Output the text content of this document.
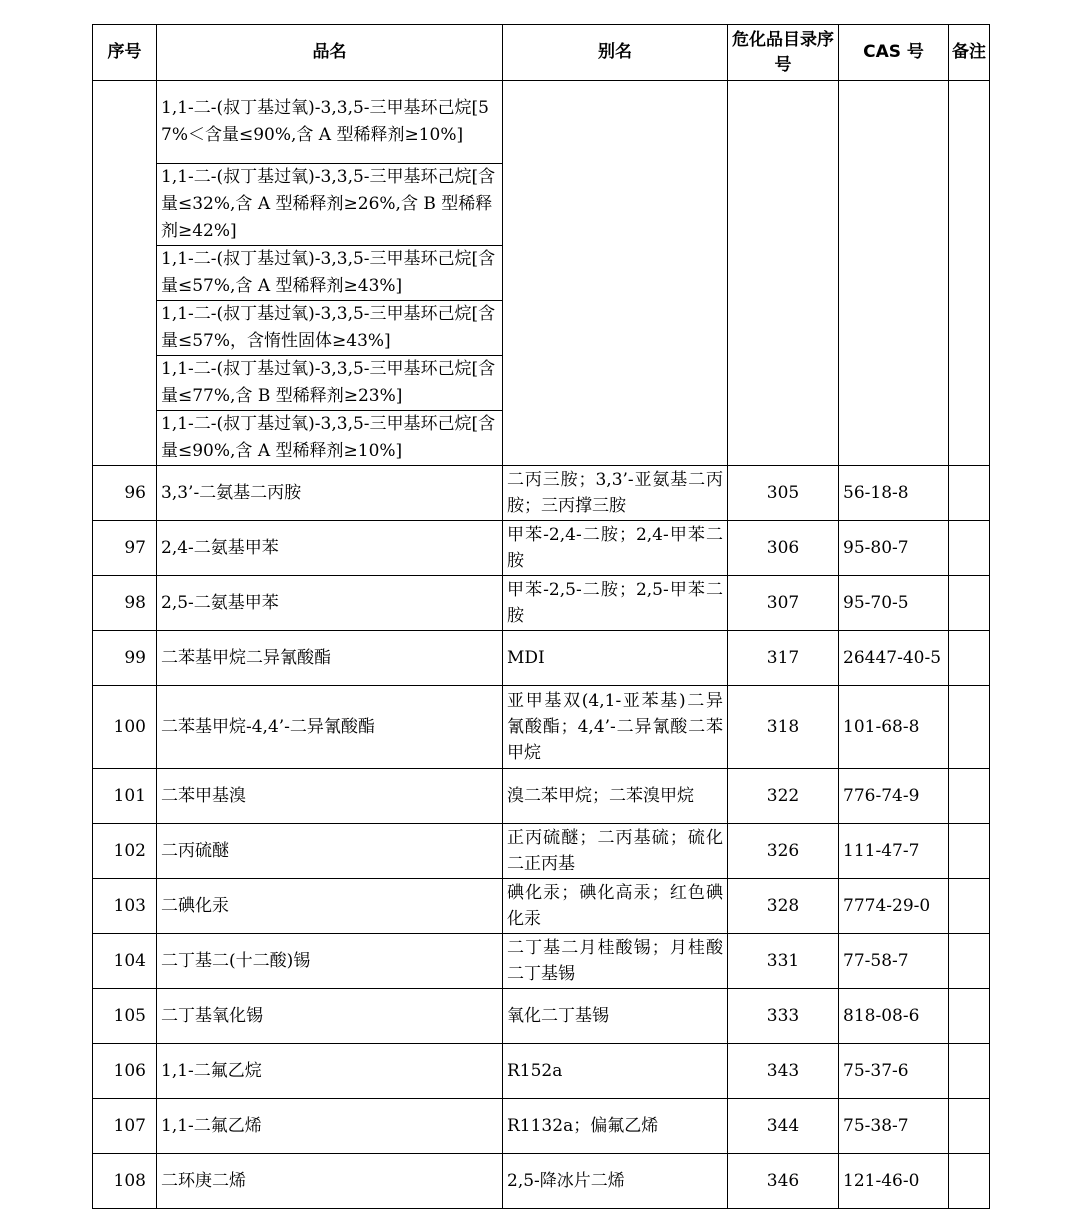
序号	品名	别名	危化品目录序号	CAS 号	备注
	1,1-二-(叔丁基过氧)-3,3,5-三甲基环己烷[57%＜含量≤90%,含 A 型稀释剂≥10%]				
	1,1-二-(叔丁基过氧)-3,3,5-三甲基环己烷[含量≤32%,含 A 型稀释剂≥26%,含 B 型稀释剂≥42%]				
	1,1-二-(叔丁基过氧)-3,3,5-三甲基环己烷[含量≤57%,含 A 型稀释剂≥43%]				
	1,1-二-(叔丁基过氧)-3,3,5-三甲基环己烷[含量≤57%，含惰性固体≥43%]				
	1,1-二-(叔丁基过氧)-3,3,5-三甲基环己烷[含量≤77%,含 B 型稀释剂≥23%]				
	1,1-二-(叔丁基过氧)-3,3,5-三甲基环己烷[含量≤90%,含 A 型稀释剂≥10%]				
96	3,3’-二氨基二丙胺	二丙三胺；3,3’-亚氨基二丙胺；三丙撑三胺	305	56-18-8	
97	2,4-二氨基甲苯	甲苯-2,4-二胺；2,4-甲苯二胺	306	95-80-7	
98	2,5-二氨基甲苯	甲苯-2,5-二胺；2,5-甲苯二胺	307	95-70-5	
99	二苯基甲烷二异氰酸酯	MDI	317	26447-40-5	
100	二苯基甲烷-4,4’-二异氰酸酯	亚甲基双(4,1-亚苯基)二异氰酸酯；4,4’-二异氰酸二苯甲烷	318	101-68-8	
101	二苯甲基溴	溴二苯甲烷；二苯溴甲烷	322	776-74-9	
102	二丙硫醚	正丙硫醚；二丙基硫；硫化二正丙基	326	111-47-7	
103	二碘化汞	碘化汞；碘化高汞；红色碘化汞	328	7774-29-0	
104	二丁基二(十二酸)锡	二丁基二月桂酸锡；月桂酸二丁基锡	331	77-58-7	
105	二丁基氧化锡	氧化二丁基锡	333	818-08-6	
106	1,1-二氟乙烷	R152a	343	75-37-6	
107	1,1-二氟乙烯	R1132a；偏氟乙烯	344	75-38-7	
108	二环庚二烯	2,5-降冰片二烯	346	121-46-0	
